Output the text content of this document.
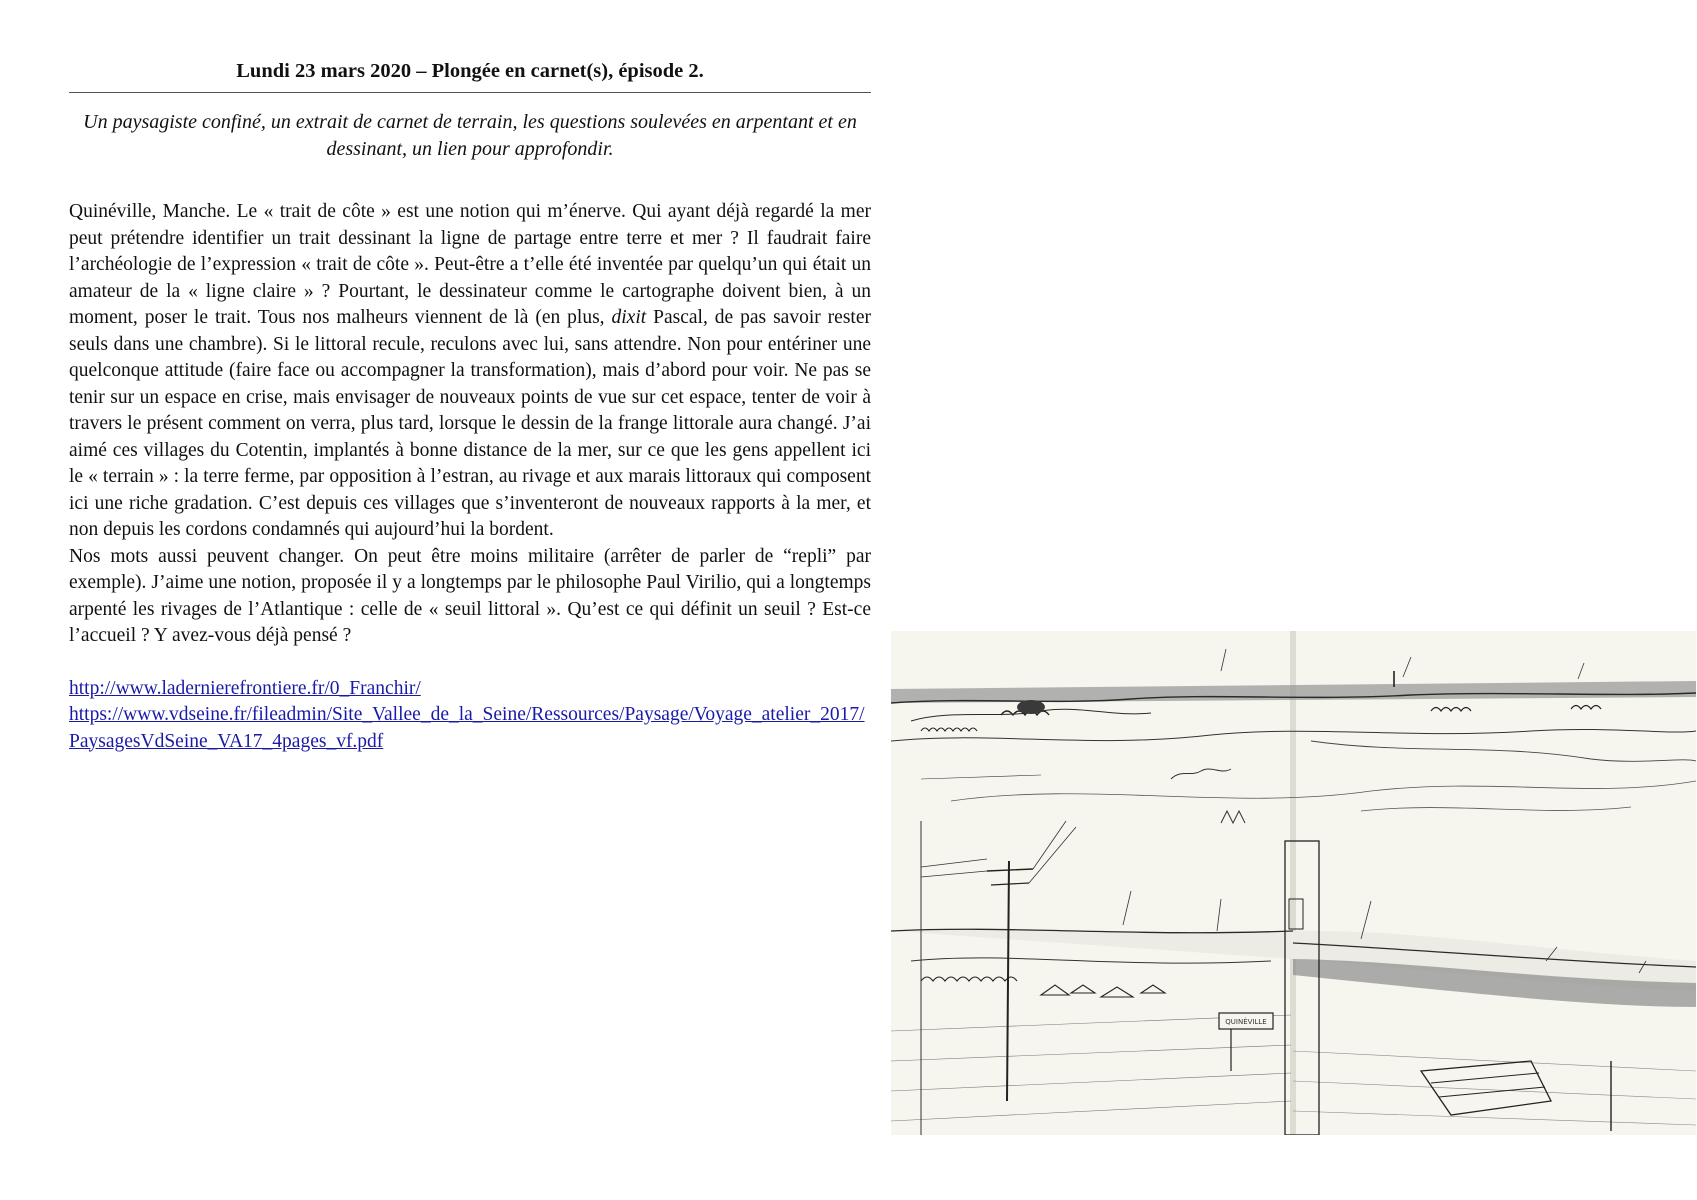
Lundi 23 mars 2020 – Plongée en carnet(s), épisode 2.

Un paysagiste confiné, un extrait de carnet de terrain, les questions soulevées en arpentant et en dessinant, un lien pour approfondir.

Quinéville, Manche. Le « trait de côte » est une notion qui m’énerve. Qui ayant déjà regardé la mer peut prétendre identifier un trait dessinant la ligne de partage entre terre et mer ? Il faudrait faire l’archéologie de l’expression « trait de côte ». Peut-être a t’elle été inventée par quelqu’un qui était un amateur de la « ligne claire » ? Pourtant, le dessinateur comme le cartographe doivent bien, à un moment, poser le trait. Tous nos malheurs viennent de là (en plus, dixit Pascal, de pas savoir rester seuls dans une chambre). Si le littoral recule, reculons avec lui, sans attendre. Non pour entériner une quelconque attitude (faire face ou accompagner la transformation), mais d’abord pour voir. Ne pas se tenir sur un espace en crise, mais envisager de nouveaux points de vue sur cet espace, tenter de voir à travers le présent comment on verra, plus tard, lorsque le dessin de la frange littorale aura changé. J’ai aimé ces villages du Cotentin, implantés à bonne distance de la mer, sur ce que les gens appellent ici le « terrain » : la terre ferme, par opposition à l’estran, au rivage et aux marais littoraux qui composent ici une riche gradation. C’est depuis ces villages que s’inventeront de nouveaux rapports à la mer, et non depuis les cordons condamnés qui aujourd’hui la bordent.

Nos mots aussi peuvent changer. On peut être moins militaire (arrêter de parler de “repli” par exemple). J’aime une notion, proposée il y a longtemps par le philosophe Paul Virilio, qui a longtemps arpenté les rivages de l’Atlantique : celle de « seuil littoral ». Qu’est ce qui définit un seuil ? Est-ce l’accueil ? Y avez-vous déjà pensé ?

http://www.laderniere​frontiere.fr/0_Franchir/
https://www.vdseine.fr/fileadmin/Site_Vallee_de_la_Seine/Ressources/Paysage/Voyage_atelier_2017/PaysagesVdSeine_VA17_4pages_vf.pdf
QUINÉVILLE
